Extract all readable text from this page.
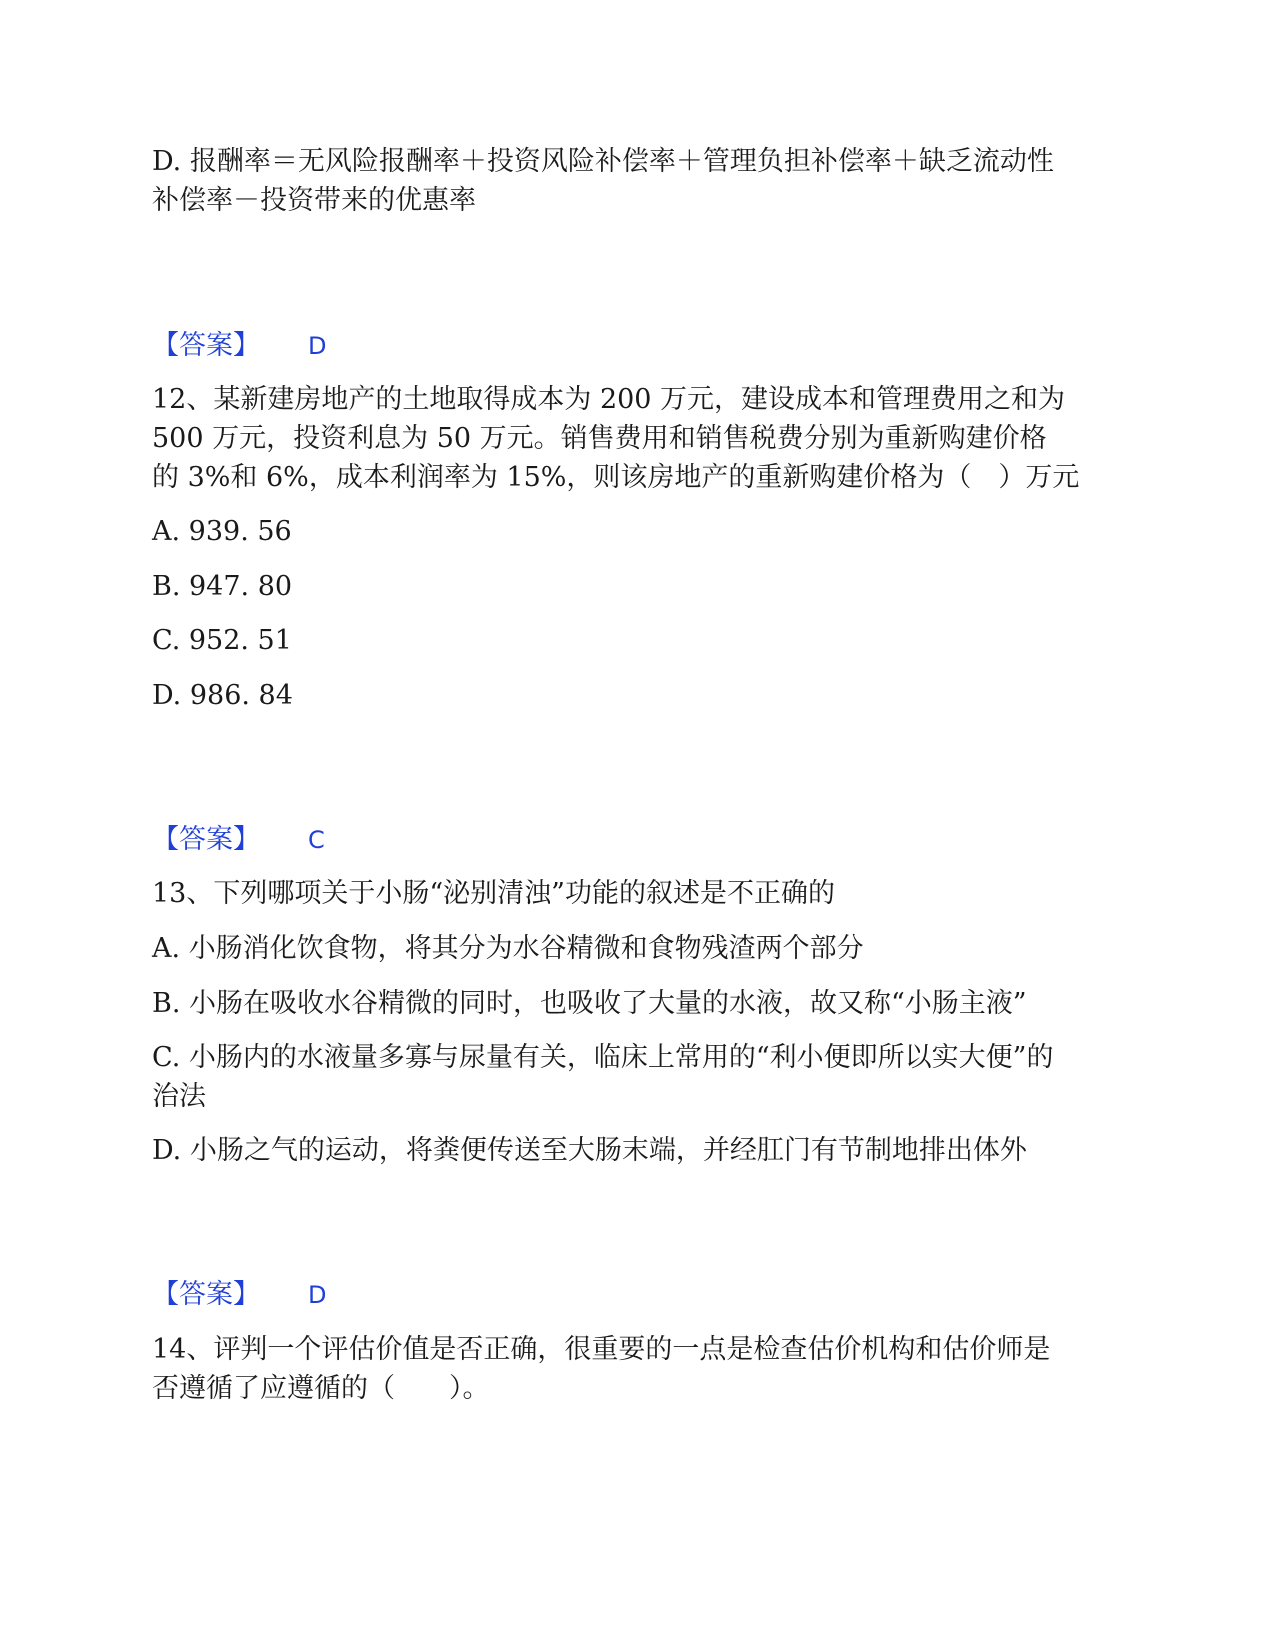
D. 报酬率＝无风险报酬率＋投资风险补偿率＋管理负担补偿率＋缺乏流动性
补偿率－投资带来的优惠率
【答案】 D
12、某新建房地产的土地取得成本为 200 万元，建设成本和管理费用之和为
500 万元，投资利息为 50 万元。销售费用和销售税费分别为重新购建价格
的 3%和 6%，成本利润率为 15%，则该房地产的重新购建价格为（　）万元
A. 939. 56
B. 947. 80
C. 952. 51
D. 986. 84
【答案】 C
13、下列哪项关于小肠“泌别清浊”功能的叙述是不正确的
A. 小肠消化饮食物，将其分为水谷精微和食物残渣两个部分
B. 小肠在吸收水谷精微的同时，也吸收了大量的水液，故又称“小肠主液”
C. 小肠内的水液量多寡与尿量有关，临床上常用的“利小便即所以实大便”的
治法
D. 小肠之气的运动，将粪便传送至大肠末端，并经肛门有节制地排出体外
【答案】 D
14、评判一个评估价值是否正确，很重要的一点是检查估价机构和估价师是
否遵循了应遵循的（　　）。
